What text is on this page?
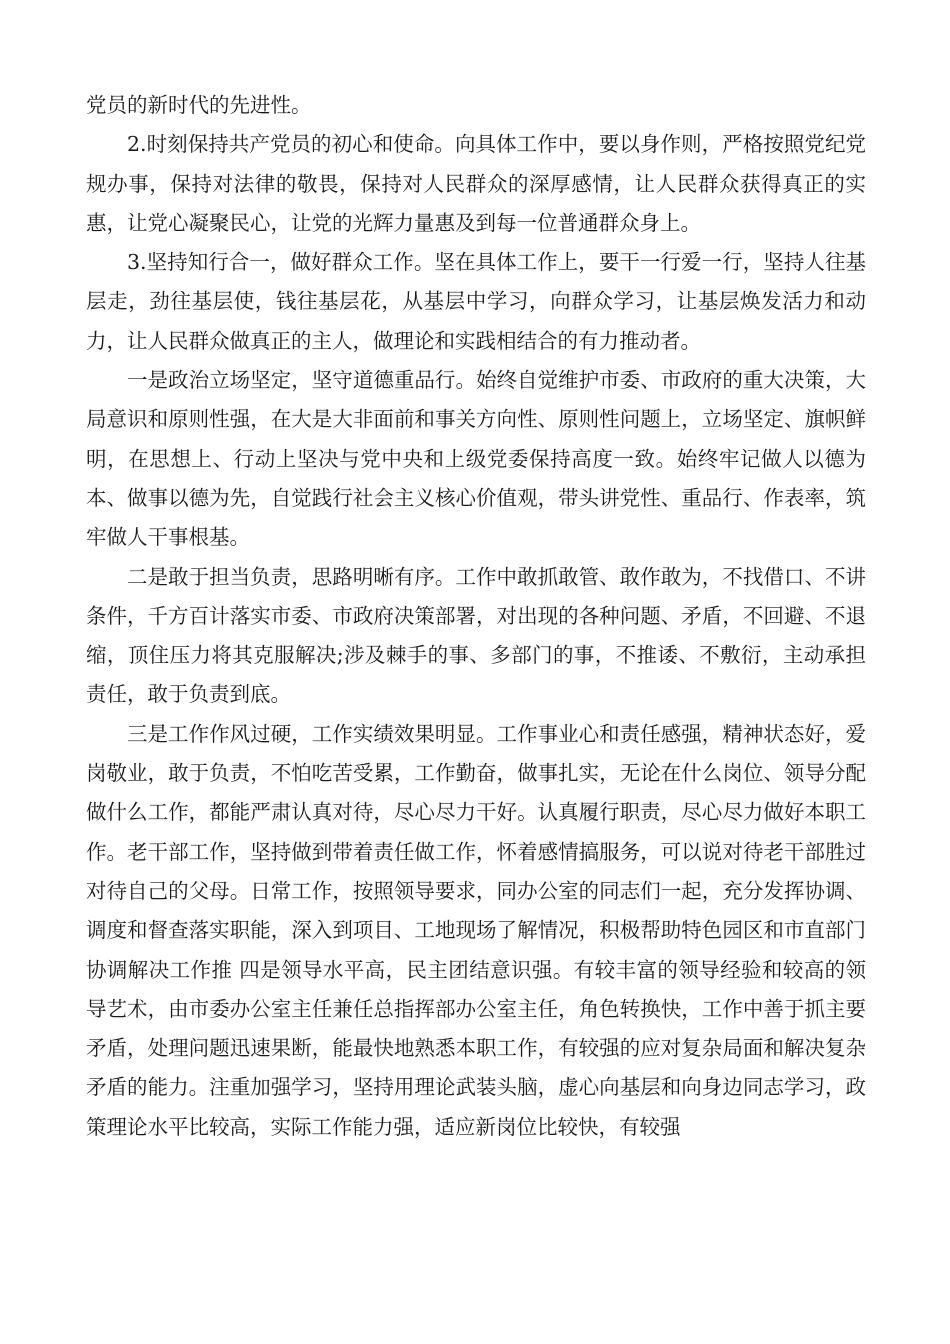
党员的新时代的先进性。

2.时刻保持共产党员的初心和使命。向具体工作中，要以身作则，严格按照党纪党规办事，保持对法律的敬畏，保持对人民群众的深厚感情，让人民群众获得真正的实惠，让党心凝聚民心，让党的光辉力量惠及到每一位普通群众身上。

3.坚持知行合一，做好群众工作。坚在具体工作上，要干一行爱一行，坚持人往基层走，劲往基层使，钱往基层花，从基层中学习，向群众学习，让基层焕发活力和动力，让人民群众做真正的主人，做理论和实践相结合的有力推动者。

一是政治立场坚定，坚守道德重品行。始终自觉维护市委、市政府的重大决策，大局意识和原则性强，在大是大非面前和事关方向性、原则性问题上，立场坚定、旗帜鲜明，在思想上、行动上坚决与党中央和上级党委保持高度一致。始终牢记做人以德为本、做事以德为先，自觉践行社会主义核心价值观，带头讲党性、重品行、作表率，筑牢做人干事根基。

二是敢于担当负责，思路明晰有序。工作中敢抓敢管、敢作敢为，不找借口、不讲条件，千方百计落实市委、市政府决策部署，对出现的各种问题、矛盾，不回避、不退缩，顶住压力将其克服解决;涉及棘手的事、多部门的事，不推诿、不敷衍，主动承担责任，敢于负责到底。

三是工作作风过硬，工作实绩效果明显。工作事业心和责任感强，精神状态好，爱岗敬业，敢于负责，不怕吃苦受累，工作勤奋，做事扎实，无论在什么岗位、领导分配做什么工作，都能严肃认真对待，尽心尽力干好。认真履行职责，尽心尽力做好本职工作。老干部工作，坚持做到带着责任做工作，怀着感情搞服务，可以说对待老干部胜过对待自己的父母。日常工作，按照领导要求，同办公室的同志们一起，充分发挥协调、调度和督查落实职能，深入到项目、工地现场了解情况，积极帮助特色园区和市直部门协调解决工作推 四是领导水平高，民主团结意识强。有较丰富的领导经验和较高的领导艺术，由市委办公室主任兼任总指挥部办公室主任，角色转换快，工作中善于抓主要矛盾，处理问题迅速果断，能最快地熟悉本职工作，有较强的应对复杂局面和解决复杂矛盾的能力。注重加强学习，坚持用理论武装头脑，虚心向基层和向身边同志学习，政策理论水平比较高，实际工作能力强，适应新岗位比较快，有较强
